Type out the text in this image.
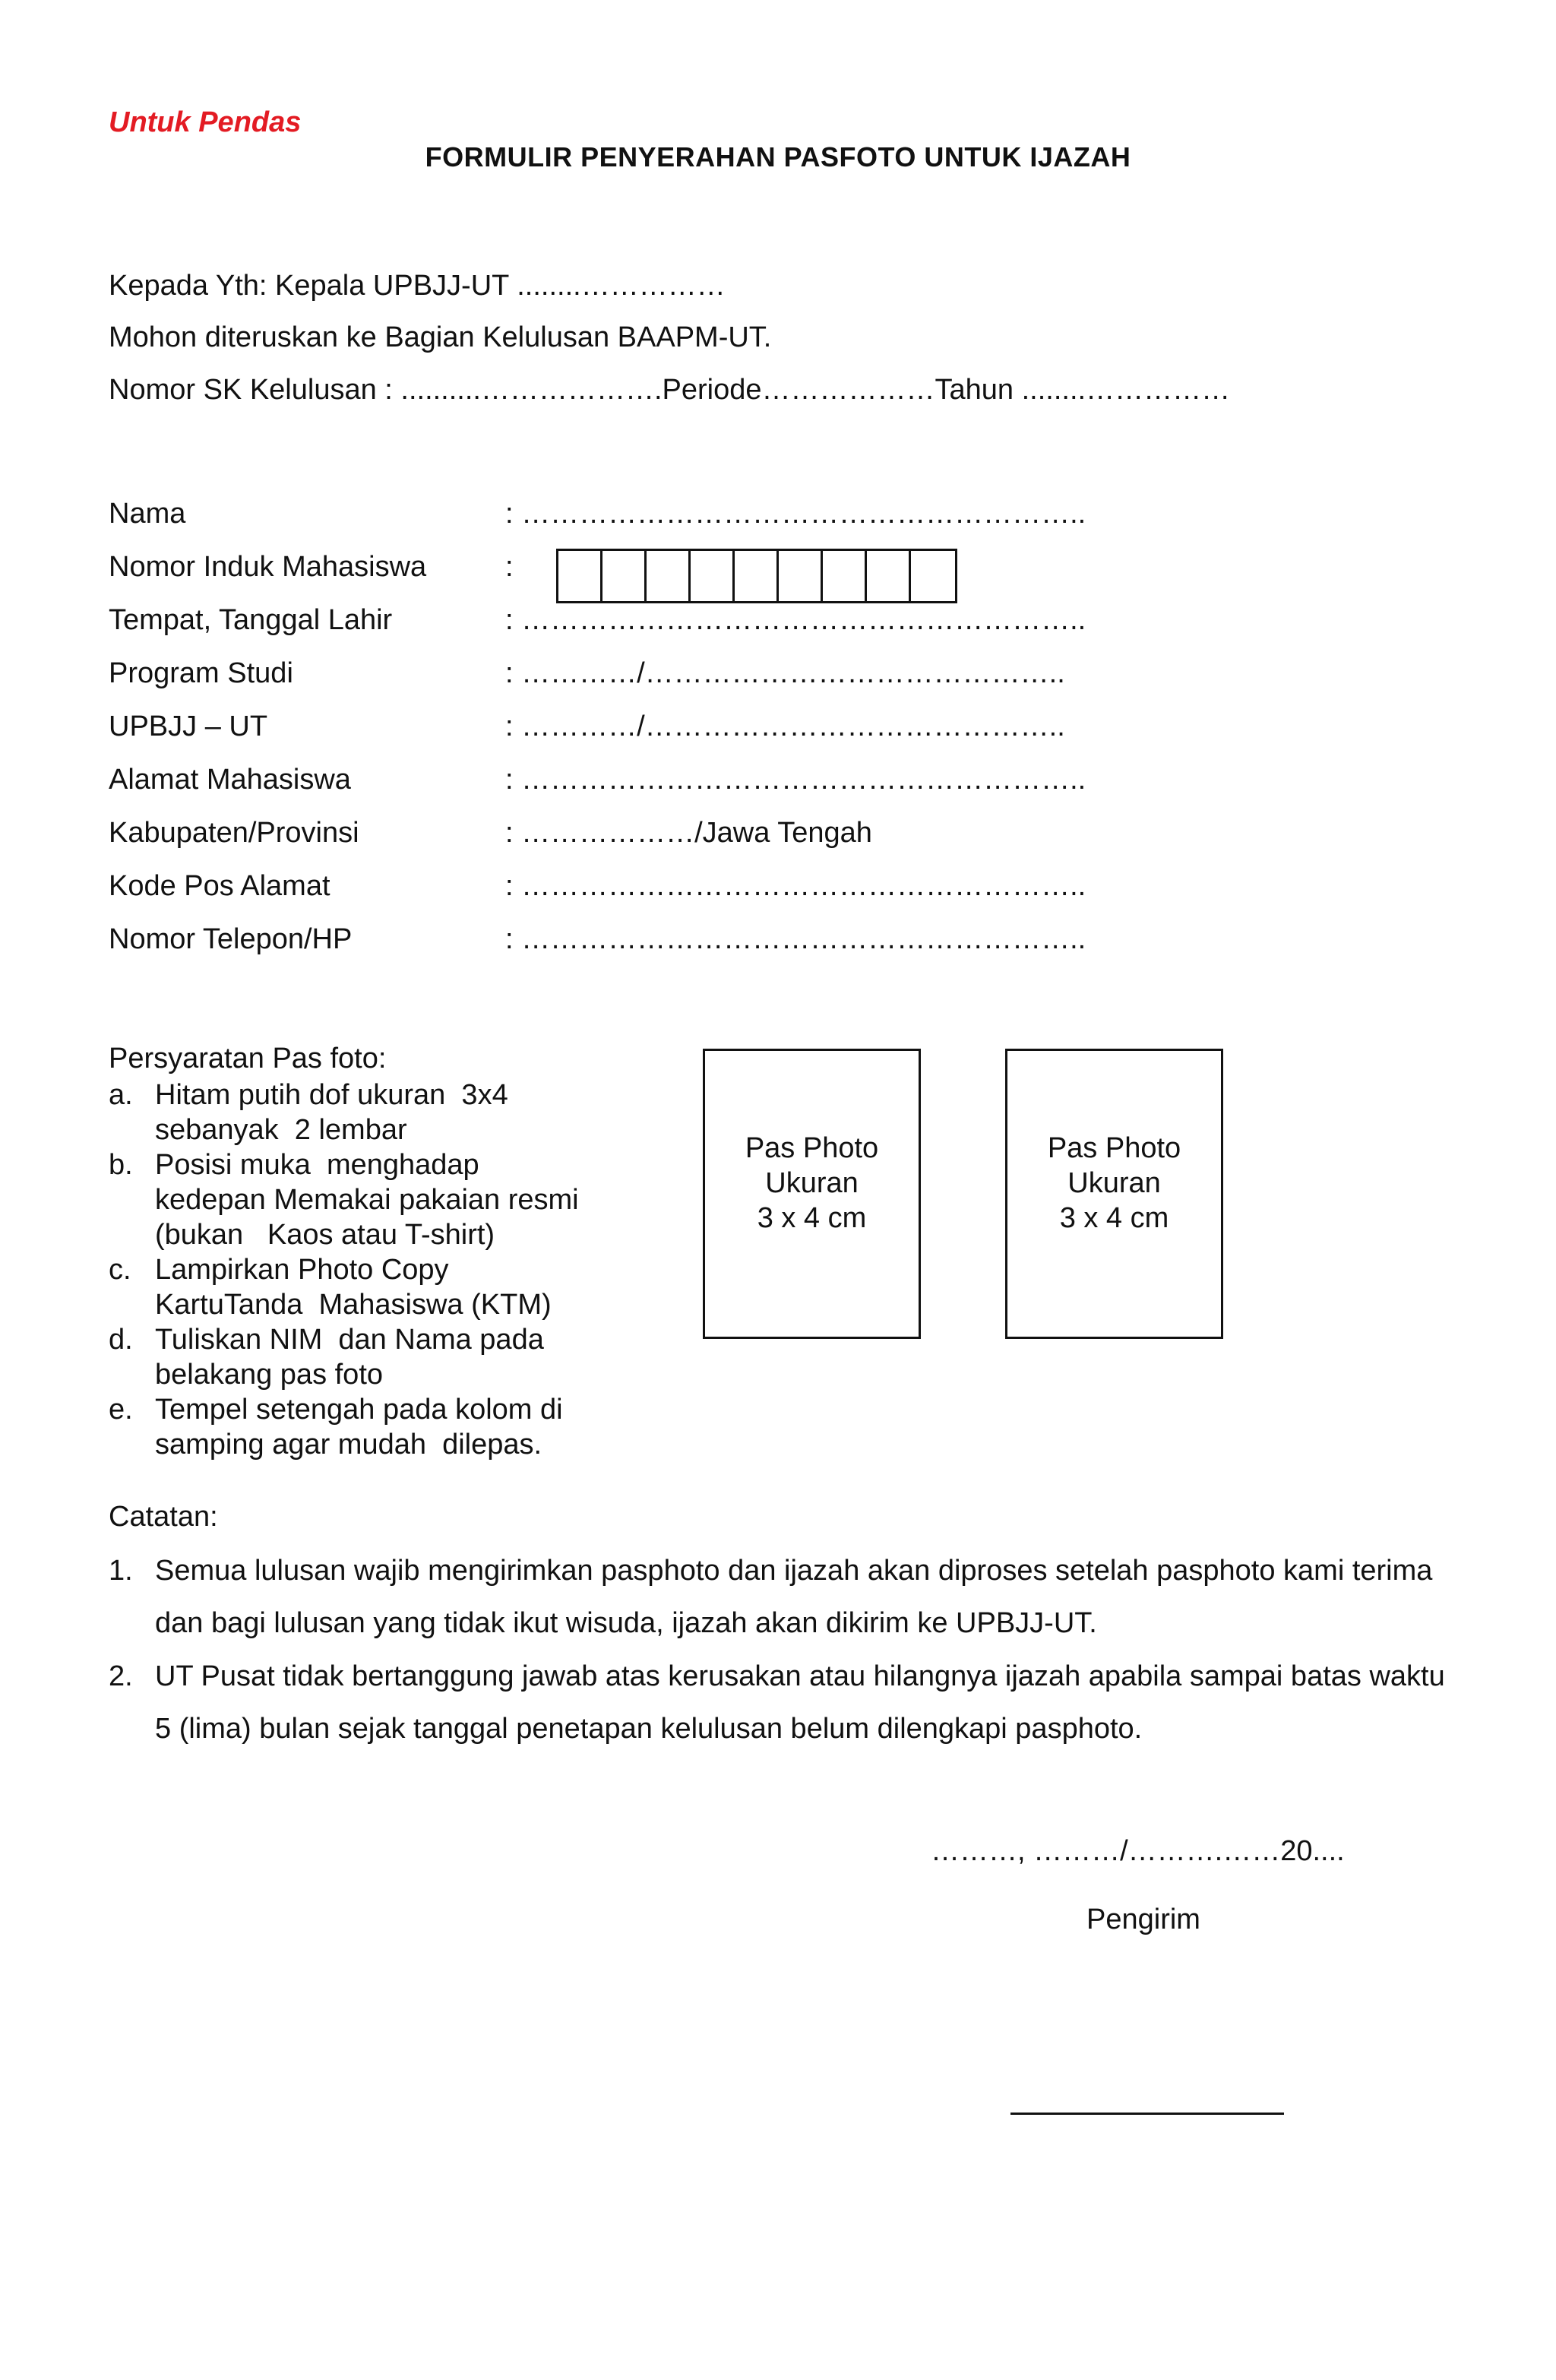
Untuk Pendas
FORMULIR PENYERAHAN PASFOTO UNTUK IJAZAH
Kepada Yth: Kepala UPBJJ-UT ........……………
Mohon diteruskan ke Bagian Kelulusan BAAPM-UT.
Nomor SK Kelulusan : ..........……………….Periode………………Tahun ........……………
Nama	: …………………………………………………..
Nomor Induk Mahasiswa	:
Tempat, Tanggal Lahir	: …………………………………………………..
Program Studi	: …………/……………………………………..
UPBJJ – UT	: …………/……………………………………..
Alamat Mahasiswa	: …………………………………………………..
Kabupaten/Provinsi	: ………………/Jawa Tengah
Kode Pos Alamat	: …………………………………………………..
Nomor Telepon/HP	: …………………………………………………..
Persyaratan Pas foto:
a. Hitam putih dof ukuran  3x4
sebanyak  2 lembar
b. Posisi muka  menghadap
kedepan Memakai pakaian resmi
(bukan   Kaos atau T-shirt)
c. Lampirkan Photo Copy
KartuTanda  Mahasiswa (KTM)
d. Tuliskan NIM  dan Nama pada
belakang pas foto
e. Tempel setengah pada kolom di
samping agar mudah  dilepas.
Pas Photo
Ukuran
3 x 4 cm
Pas Photo
Ukuran
3 x 4 cm
Catatan:
1. Semua lulusan wajib mengirimkan pasphoto dan ijazah akan diproses setelah pasphoto kami terima dan bagi lulusan yang tidak ikut wisuda, ijazah akan dikirim ke UPBJJ-UT.
2. UT Pusat tidak bertanggung jawab atas kerusakan atau hilangnya ijazah apabila sampai batas waktu 5 (lima) bulan sejak tanggal penetapan kelulusan belum dilengkapi pasphoto.
………, ………/……….……20....
Pengirim
